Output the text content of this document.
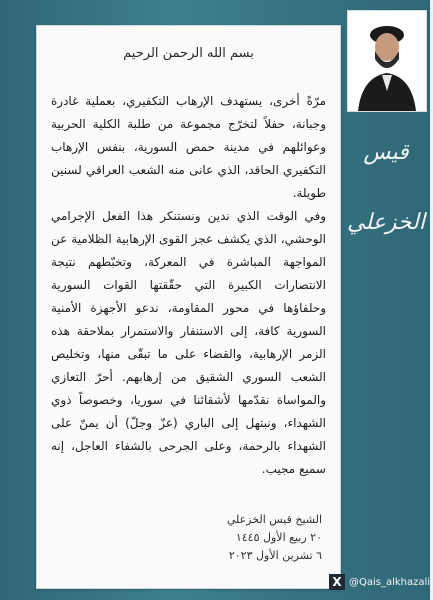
قيس الخزعلي
بسم الله الرحمن الرحيم

مرّةً أخرى، يستهدف الإرهاب التكفيري، بعملية غادرة وجبانة، حفلاً لتخرّج مجموعة من طلبة الكلية الحربية وعوائلهم في مدينة حمص السورية، بنفس الإرهاب التكفيري الحاقد، الذي عانى منه الشعب العراقي لسنين طويلة.

وفي الوقت الذي ندين ونستنكر هذا الفعل الإجرامي الوحشي، الذي يكشف عجز القوى الإرهابية الظلامية عن المواجهة المباشرة في المعركة، وتخبّطهم نتيجة الانتصارات الكبيرة التي حقّقتها القوات السورية وحلفاؤها في محور المقاومة، ندعو الأجهزة الأمنية السورية كافة، إلى الاستنفار والاستمرار بملاحقة هذه الزمر الإرهابية، والقضاء على ما تبقّى منها، وتخليص الشعب السوري الشقيق من إرهابهم. أحرّ التعازي والمواساة نقدّمها لأشقائنا في سوريا، وخصوصاً ذوي الشهداء، ونبتهل إلى الباري (عزّ وجلّ) أن يمنّ على الشهداء بالرحمة، وعلى الجرحى بالشفاء العاجل، إنه سميع مجيب.

الشيخ قيس الخزعلي
٢٠ ربيع الأول ١٤٤٥
٦ تشرين الأول ٢٠٢٣
X @Qais_alkhazali
